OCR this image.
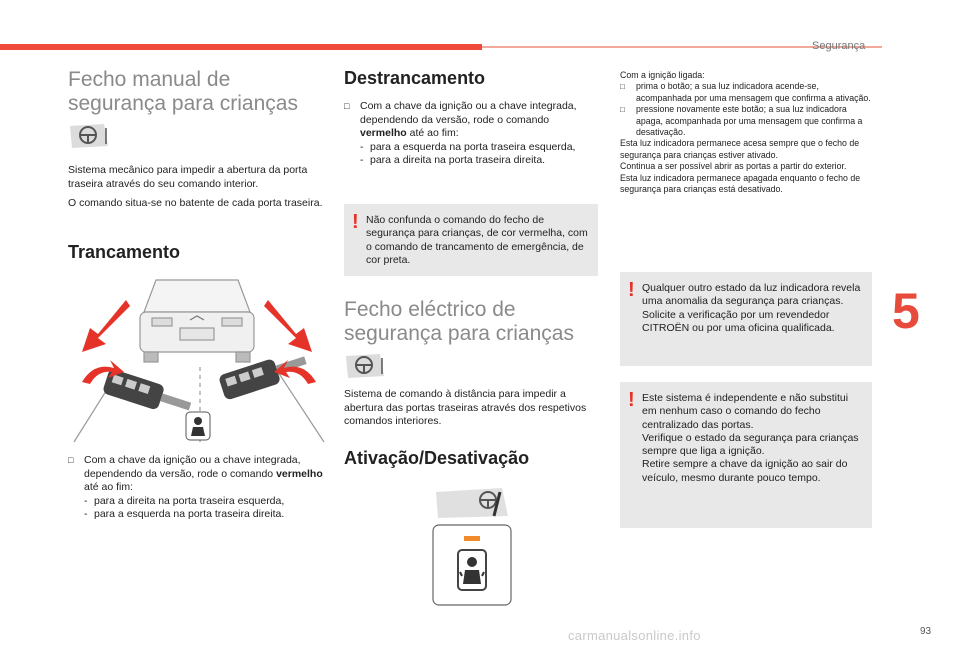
Segurança
5
93
carmanualsonline.info
Fecho manual de
segurança para crianças

Sistema mecânico para impedir a abertura da porta traseira através do seu comando interior.

O comando situa-se no batente de cada porta traseira.

Trancamento

□ Com a chave da ignição ou a chave integrada, dependendo da versão, rode o comando vermelho até ao fim:

- para a direita na porta traseira esquerda,
- para a esquerda na porta traseira direita.

Destrancamento

□ Com a chave da ignição ou a chave integrada, dependendo da versão, rode o comando vermelho até ao fim:

- para a esquerda na porta traseira esquerda,
- para a direita na porta traseira direita.

! Não confunda o comando do fecho de segurança para crianças, de cor vermelha, com o comando de trancamento de emergência, de cor preta.
Fecho eléctrico de
segurança para crianças

Sistema de comando à distância para impedir a abertura das portas traseiras através dos respetivos comandos interiores.

Ativação/Desativação
Com a ignição ligada:
□ prima o botão; a sua luz indicadora acende-se, acompanhada por uma mensagem que confirma a ativação.
□ pressione novamente este botão; a sua luz indicadora apaga, acompanhada por uma mensagem que confirma a desativação.
Esta luz indicadora permanece acesa sempre que o fecho de segurança para crianças estiver ativado.
Continua a ser possível abrir as portas a partir do exterior.
Esta luz indicadora permanece apagada enquanto o fecho de segurança para crianças está desativado.
! Qualquer outro estado da luz indicadora revela uma anomalia da segurança para crianças.
Solicite a verificação por um revendedor CITROËN ou por uma oficina qualificada.
! Este sistema é independente e não substitui em nenhum caso o comando do fecho centralizado das portas.
Verifique o estado da segurança para crianças sempre que liga a ignição.
Retire sempre a chave da ignição ao sair do veículo, mesmo durante pouco tempo.
